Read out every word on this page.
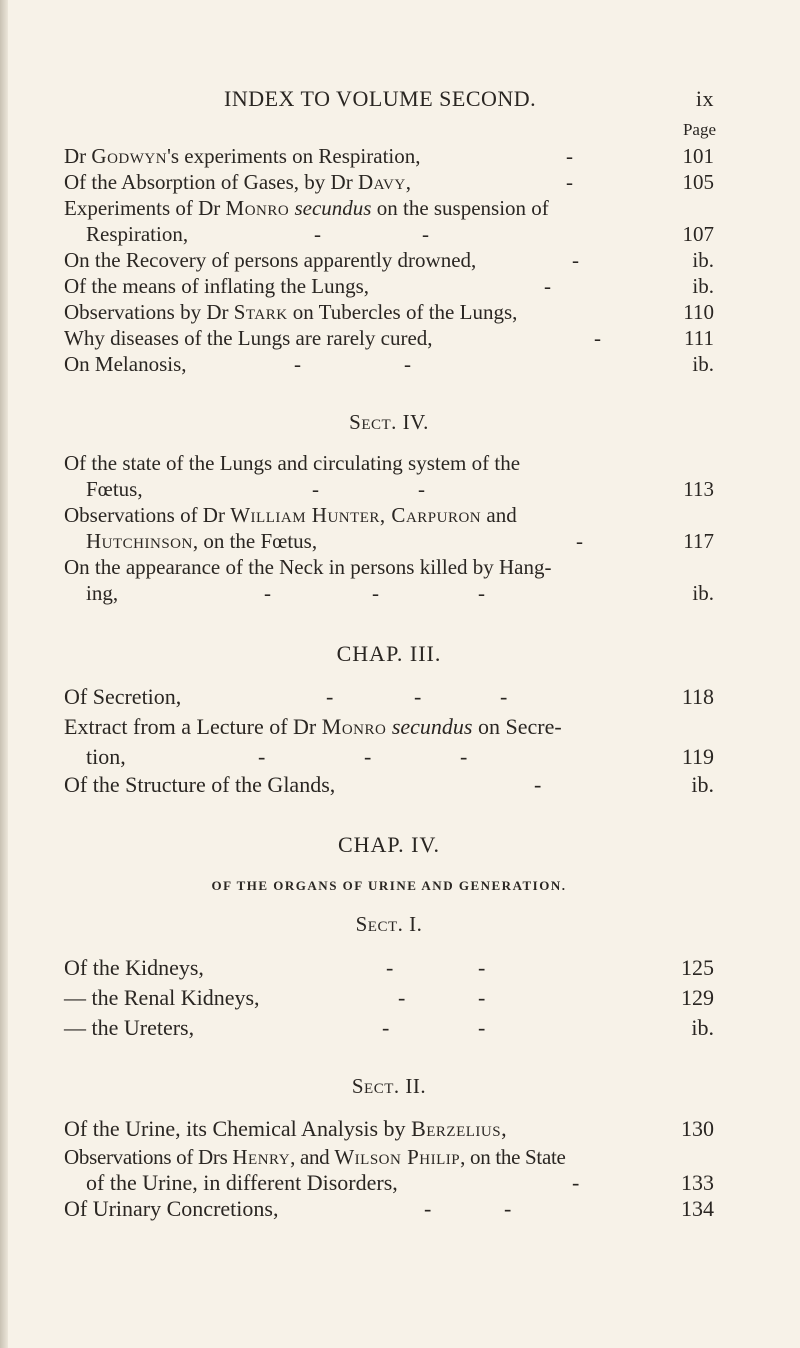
INDEX TO VOLUME SECOND.	ix
Page
Dr Godwyn's experiments on Respiration,	-	101
Of the Absorption of Gases, by Dr Davy,	-	105
Experiments of Dr Monro secundus on the suspension of
Respiration,	-	-	107
On the Recovery of persons apparently drowned,	-	ib.
Of the means of inflating the Lungs,	-	ib.
Observations by Dr Stark on Tubercles of the Lungs,	110
Why diseases of the Lungs are rarely cured,	-	111
On Melanosis,	-	-	ib.
Sect. IV.
Of the state of the Lungs and circulating system of the
Fœtus,	-	-	113
Observations of Dr William Hunter, Carpuron and
Hutchinson, on the Fœtus,	-	117
On the appearance of the Neck in persons killed by Hang-
ing,	-	-	-	ib.
CHAP. III.
Of Secretion,	-	-	-	118
Extract from a Lecture of Dr Monro secundus on Secre-
tion,	-	-	-	119
Of the Structure of the Glands,	-	ib.
CHAP. IV.
OF THE ORGANS OF URINE AND GENERATION.
Sect. I.
Of the Kidneys,	-	-	125
— the Renal Kidneys,	-	-	129
— the Ureters,	-	-	ib.
Sect. II.
Of the Urine, its Chemical Analysis by Berzelius,	130
Observations of Drs Henry, and Wilson Philip, on the State
of the Urine, in different Disorders,	-	133
Of Urinary Concretions,	-	-	134
